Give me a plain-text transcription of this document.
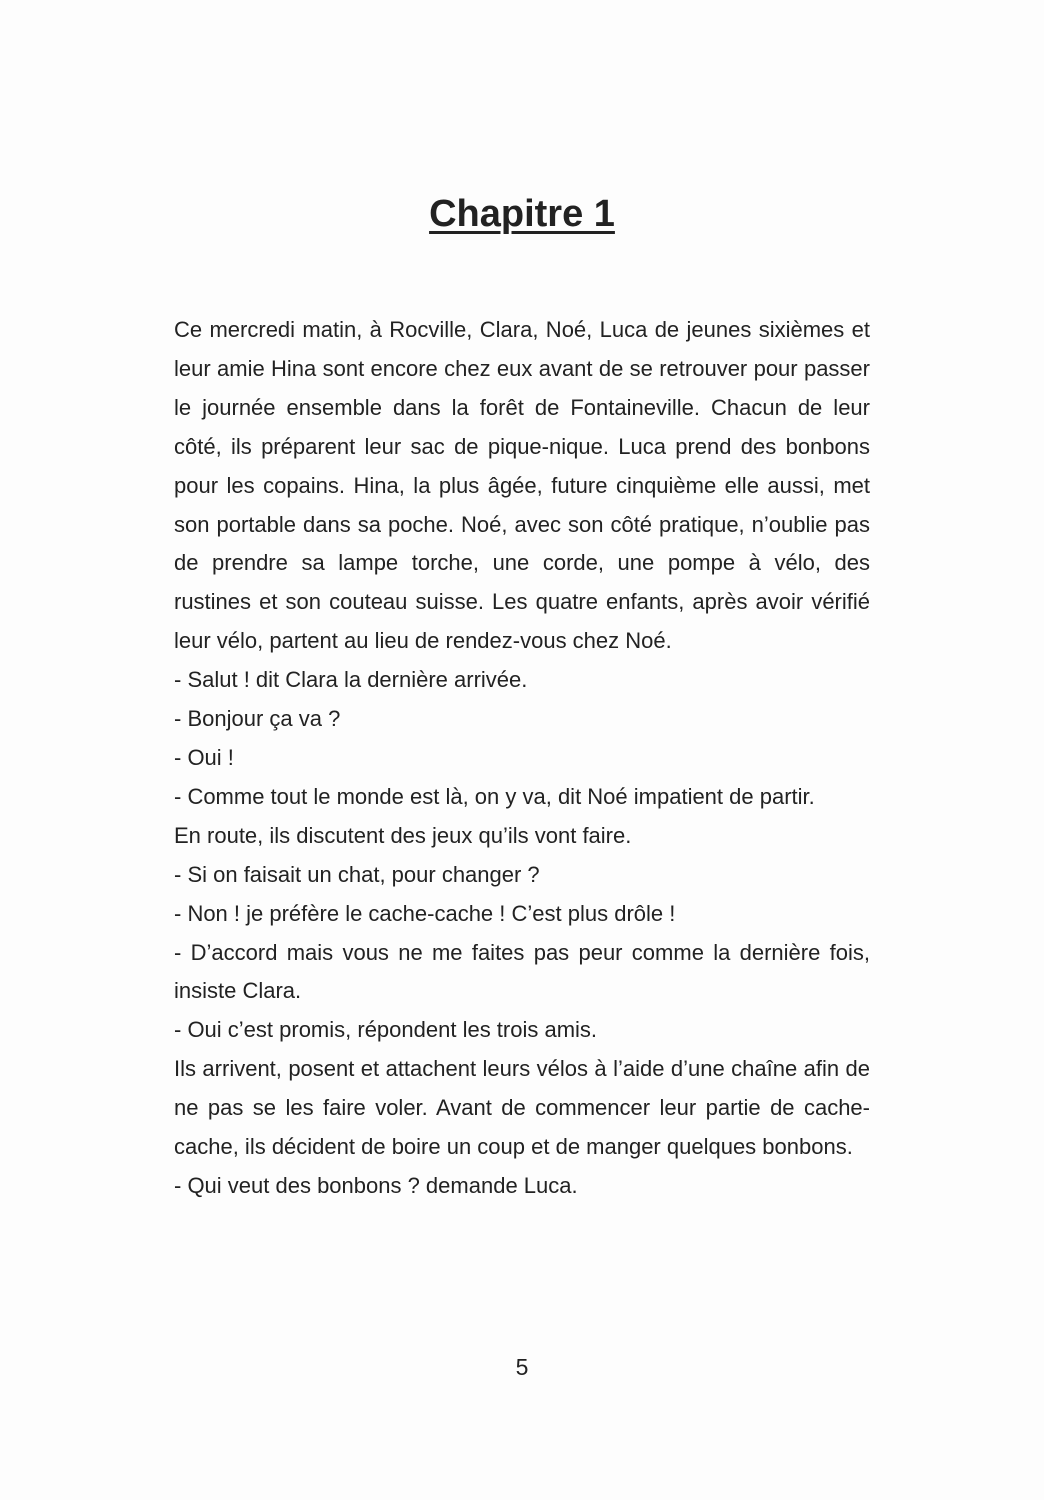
Chapitre 1

Ce mercredi matin, à Rocville, Clara, Noé, Luca de jeunes sixièmes et leur amie Hina sont encore chez eux avant de se retrouver pour passer le journée ensemble dans la forêt de Fontaineville. Chacun de leur côté, ils préparent leur sac de pique-nique. Luca prend des bonbons pour les copains. Hina, la plus âgée, future cinquième elle aussi, met son portable dans sa poche. Noé, avec son côté pratique, n’oublie pas de prendre sa lampe torche, une corde, une pompe à vélo, des rustines et son couteau suisse. Les quatre enfants, après avoir vérifié leur vélo, partent au lieu de rendez-vous chez Noé.

- Salut ! dit Clara la dernière arrivée.

- Bonjour ça va ?

- Oui !

- Comme tout le monde est là, on y va, dit Noé impatient de partir.

En route, ils discutent des jeux qu’ils vont faire.

- Si on faisait un chat, pour changer ?

- Non ! je préfère le cache-cache ! C’est plus drôle !

- D’accord mais vous ne me faites pas peur comme la dernière fois, insiste Clara.

- Oui c’est promis, répondent les trois amis.

Ils arrivent, posent et attachent leurs vélos à l’aide d’une chaîne afin de ne pas se les faire voler. Avant de commencer leur partie de cache-cache, ils décident de boire un coup et de manger quelques bonbons.

- Qui veut des bonbons ? demande Luca.

5
